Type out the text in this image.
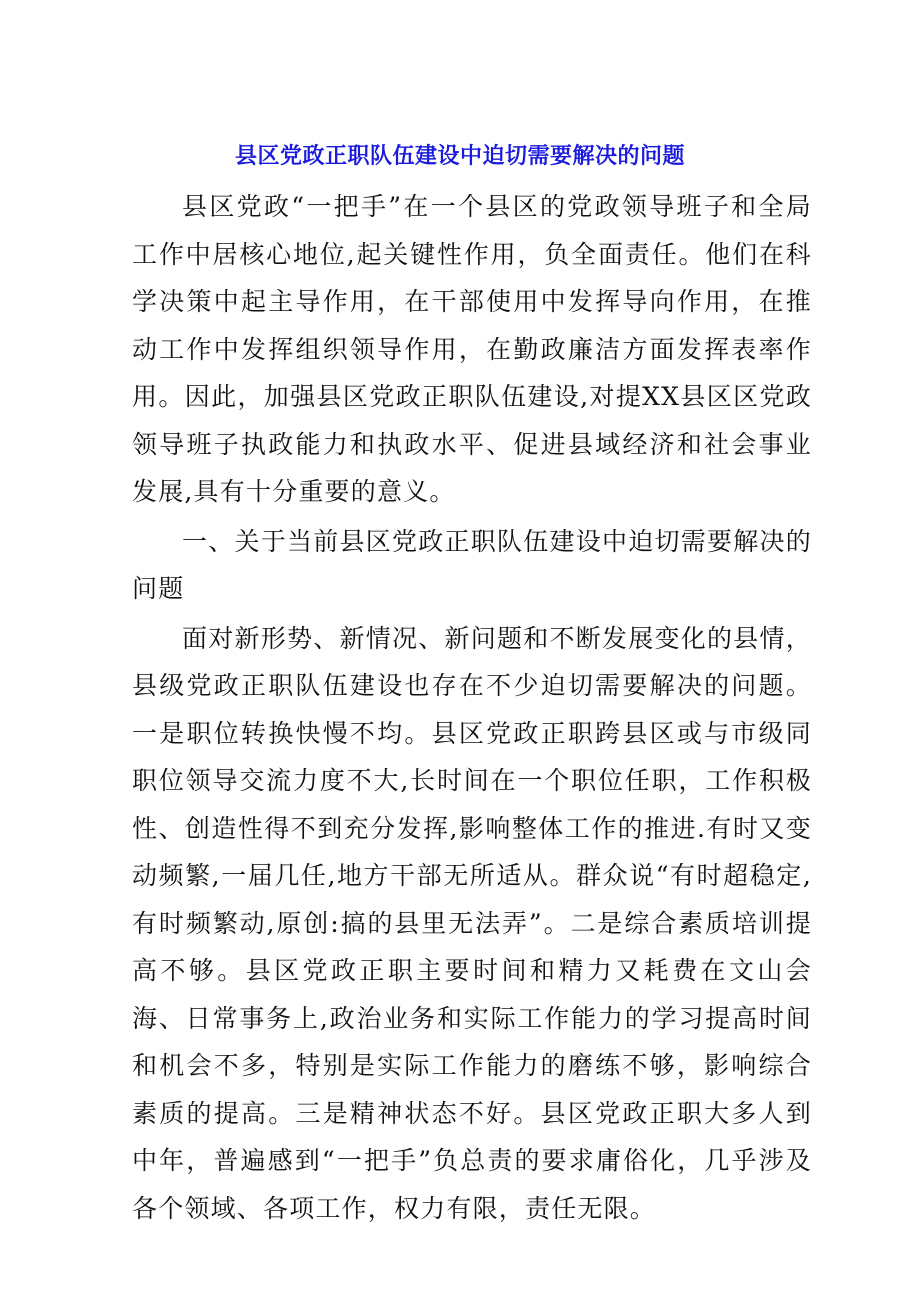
县区党政正职队伍建设中迫切需要解决的问题

县区党政“一把手”在一个县区的党政领导班子和全局工作中居核心地位,起关键性作用，负全面责任。他们在科学决策中起主导作用，在干部使用中发挥导向作用，在推动工作中发挥组织领导作用，在勤政廉洁方面发挥表率作用。因此，加强县区党政正职队伍建设,对提XX县区区党政领导班子执政能力和执政水平、促进县域经济和社会事业发展,具有十分重要的意义。

一、关于当前县区党政正职队伍建设中迫切需要解决的问题

面对新形势、新情况、新问题和不断发展变化的县情，县级党政正职队伍建设也存在不少迫切需要解决的问题。一是职位转换快慢不均。县区党政正职跨县区或与市级同职位领导交流力度不大,长时间在一个职位任职，工作积极性、创造性得不到充分发挥,影响整体工作的推进.有时又变动频繁,一届几任,地方干部无所适从。群众说“有时超稳定,有时频繁动,原创:搞的县里无法弄”。二是综合素质培训提高不够。县区党政正职主要时间和精力又耗费在文山会海、日常事务上,政治业务和实际工作能力的学习提高时间和机会不多，特别是实际工作能力的磨练不够，影响综合素质的提高。三是精神状态不好。县区党政正职大多人到中年，普遍感到“一把手”负总责的要求庸俗化，几乎涉及各个领域、各项工作，权力有限，责任无限。
